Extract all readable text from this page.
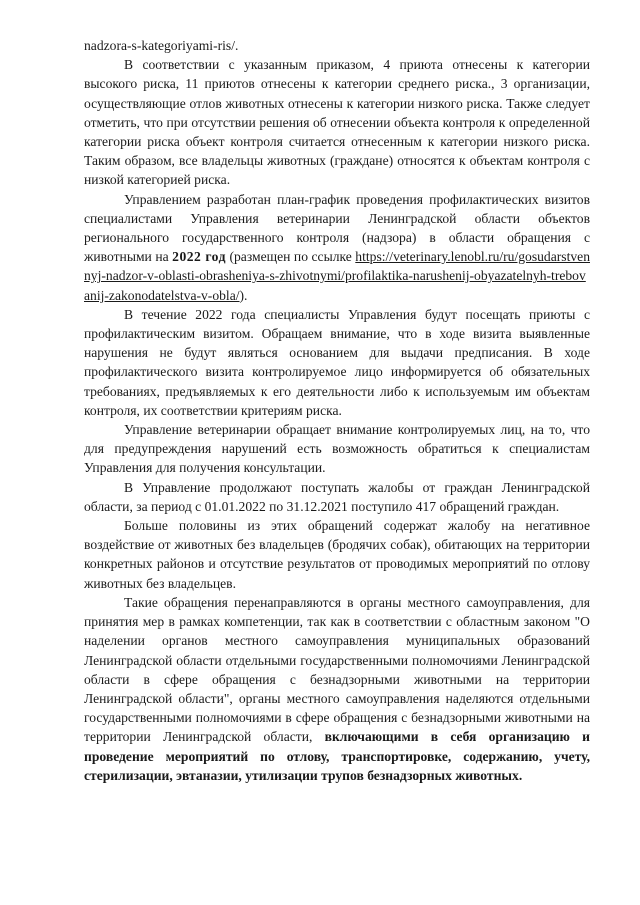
nadzora-s-kategoriyami-ris/.

В соответствии с указанным приказом, 4 приюта отнесены к категории высокого риска, 11 приютов отнесены к категории среднего риска., 3 организации, осуществляющие отлов животных отнесены к категории низкого риска. Также следует отметить, что при отсутствии решения об отнесении объекта контроля к определенной категории риска объект контроля считается отнесенным к категории низкого риска. Таким образом, все владельцы животных (граждане) относятся к объектам контроля с низкой категорией риска.

Управлением разработан план-график проведения профилактических визитов специалистами Управления ветеринарии Ленинградской области объектов регионального государственного контроля (надзора) в области обращения с животными на 2022 год (размещен по ссылке https://veterinary.lenobl.ru/ru/gosudarstvennyj-nadzor-v-oblasti-obrasheniya-s-zhivotnymi/profilaktika-narushenij-obyazatelnyh-trebovanij-zakonodatelstva-v-obla/).

В течение 2022 года специалисты Управления будут посещать приюты с профилактическим визитом. Обращаем внимание, что в ходе визита выявленные нарушения не будут являться основанием для выдачи предписания. В ходе профилактического визита контролируемое лицо информируется об обязательных требованиях, предъявляемых к его деятельности либо к используемым им объектам контроля, их соответствии критериям риска.

Управление ветеринарии обращает внимание контролируемых лиц, на то, что для предупреждения нарушений есть возможность обратиться к специалистам Управления для получения консультации.

В Управление продолжают поступать жалобы от граждан Ленинградской области, за период с 01.01.2022 по 31.12.2021 поступило 417 обращений граждан.

Больше половины из этих обращений содержат жалобу на негативное воздействие от животных без владельцев (бродячих собак), обитающих на территории конкретных районов и отсутствие результатов от проводимых мероприятий по отлову животных без владельцев.

Такие обращения перенаправляются в органы местного самоуправления, для принятия мер в рамках компетенции, так как в соответствии с областным законом "О наделении органов местного самоуправления муниципальных образований Ленинградской области отдельными государственными полномочиями Ленинградской области в сфере обращения с безнадзорными животными на территории Ленинградской области", органы местного самоуправления наделяются отдельными государственными полномочиями в сфере обращения с безнадзорными животными на территории Ленинградской области, включающими в себя организацию и проведение мероприятий по отлову, транспортировке, содержанию, учету, стерилизации, эвтаназии, утилизации трупов безнадзорных животных.
